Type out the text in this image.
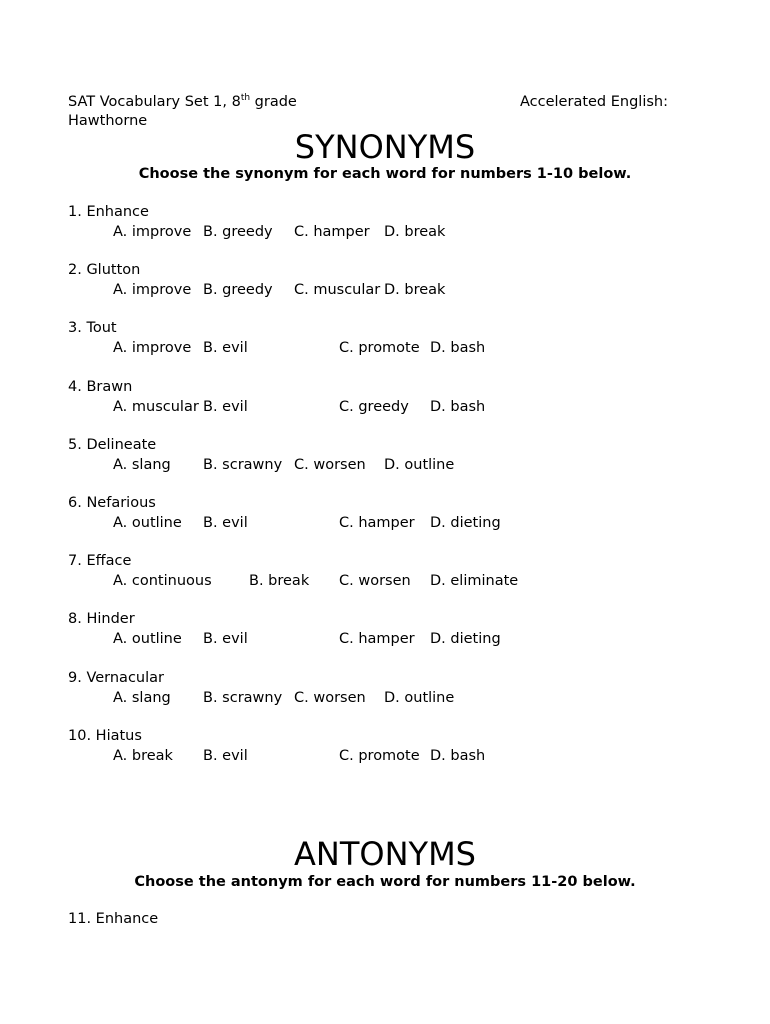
SAT Vocabulary Set 1, 8th grade	Accelerated English:
Hawthorne
SYNONYMS
Choose the synonym for each word for numbers 1-10 below.
1. Enhance
A. improve B. greedy C. hamper D. break
2. Glutton
A. improve B. greedy C. muscular D. break
3. Tout
A. improve B. evil	C. promote D. bash
4. Brawn
A. muscular B. evil	C. greedy D. bash
5. Delineate
A. slang B. scrawny C. worsen D. outline
6. Nefarious
A. outline B. evil	C. hamper D. dieting
7. Efface
A. continuous	B. break C. worsen D. eliminate
8. Hinder
A. outline B. evil	C. hamper D. dieting
9. Vernacular
A. slang B. scrawny C. worsen D. outline
10. Hiatus
A. break B. evil	C. promote D. bash
ANTONYMS
Choose the antonym for each word for numbers 11-20 below.
11. Enhance
